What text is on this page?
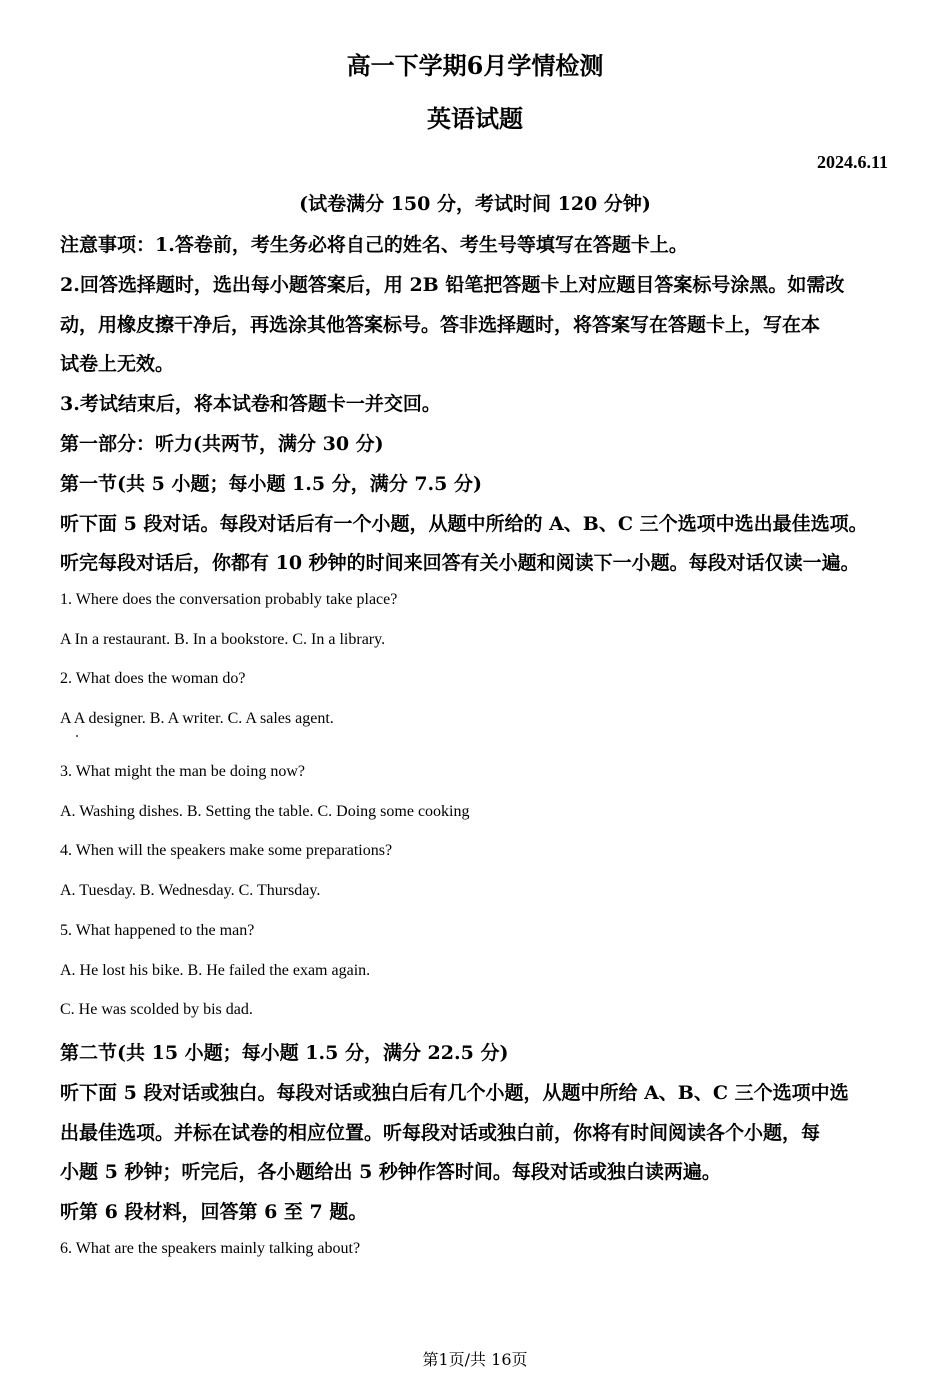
高一下学期6月学情检测
英语试题
2024.6.11
(试卷满分 150 分，考试时间 120 分钟)
注意事项：1.答卷前，考生务必将自己的姓名、考生号等填写在答题卡上。
2.回答选择题时，选出每小题答案后，用 2B 铅笔把答题卡上对应题目答案标号涂黑。如需改
动，用橡皮擦干净后，再选涂其他答案标号。答非选择题时，将答案写在答题卡上，写在本
试卷上无效。
3.考试结束后，将本试卷和答题卡一并交回。
第一部分：听力(共两节，满分 30 分)
第一节(共 5 小题；每小题 1.5 分，满分 7.5 分)
听下面 5 段对话。每段对话后有一个小题，从题中所给的 A、B、C 三个选项中选出最佳选项。
听完每段对话后，你都有 10 秒钟的时间来回答有关小题和阅读下一小题。每段对话仅读一遍。
1. Where does the conversation probably take place?
A In a restaurant. B. In a bookstore. C. In a library.
2. What does the woman do?
A A designer. B. A writer. C. A sales agent.
3. What might the man be doing now?
A. Washing dishes. B. Setting the table. C. Doing some cooking
4. When will the speakers make some preparations?
A. Tuesday. B. Wednesday. C. Thursday.
5. What happened to the man?
A. He lost his bike. B. He failed the exam again.
C. He was scolded by bis dad.
第二节(共 15 小题；每小题 1.5 分，满分 22.5 分)
听下面 5 段对话或独白。每段对话或独白后有几个小题，从题中所给 A、B、C 三个选项中选
出最佳选项。并标在试卷的相应位置。听每段对话或独白前，你将有时间阅读各个小题，每
小题 5 秒钟；听完后，各小题给出 5 秒钟作答时间。每段对话或独白读两遍。
听第 6 段材料，回答第 6 至 7 题。
6. What are the speakers mainly talking about?
第1页/共 16页
